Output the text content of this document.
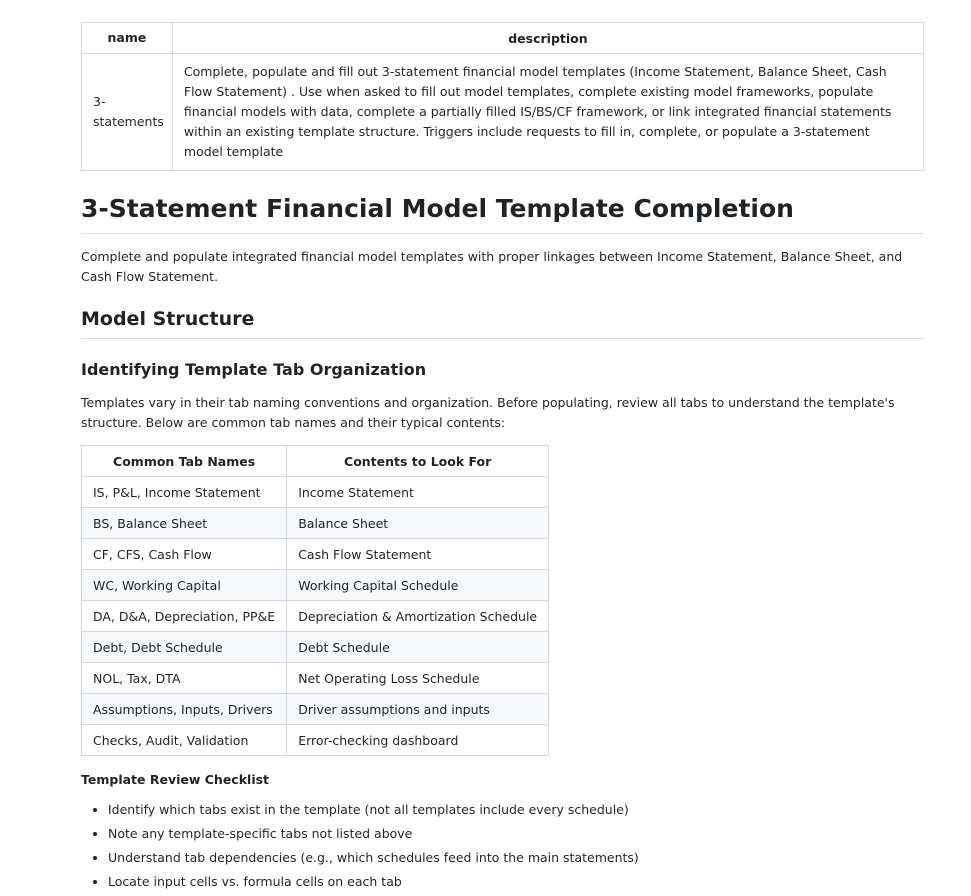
name	description
3-statements	Complete, populate and fill out 3-statement financial model templates (Income Statement, Balance Sheet, Cash Flow Statement) . Use when asked to fill out model templates, complete existing model frameworks, populate financial models with data, complete a partially filled IS/BS/CF framework, or link integrated financial statements within an existing template structure. Triggers include requests to fill in, complete, or populate a 3-statement model template
3-Statement Financial Model Template Completion

Complete and populate integrated financial model templates with proper linkages between Income Statement, Balance Sheet, and Cash Flow Statement.

Model Structure
Identifying Template Tab Organization

Templates vary in their tab naming conventions and organization. Before populating, review all tabs to understand the template's structure. Below are common tab names and their typical contents:

Common Tab Names	Contents to Look For
IS, P&L, Income Statement	Income Statement
BS, Balance Sheet	Balance Sheet
CF, CFS, Cash Flow	Cash Flow Statement
WC, Working Capital	Working Capital Schedule
DA, D&A, Depreciation, PP&E	Depreciation & Amortization Schedule
Debt, Debt Schedule	Debt Schedule
NOL, Tax, DTA	Net Operating Loss Schedule
Assumptions, Inputs, Drivers	Driver assumptions and inputs
Checks, Audit, Validation	Error-checking dashboard
Template Review Checklist
• Identify which tabs exist in the template (not all templates include every schedule)
• Note any template-specific tabs not listed above
• Understand tab dependencies (e.g., which schedules feed into the main statements)
• Locate input cells vs. formula cells on each tab
